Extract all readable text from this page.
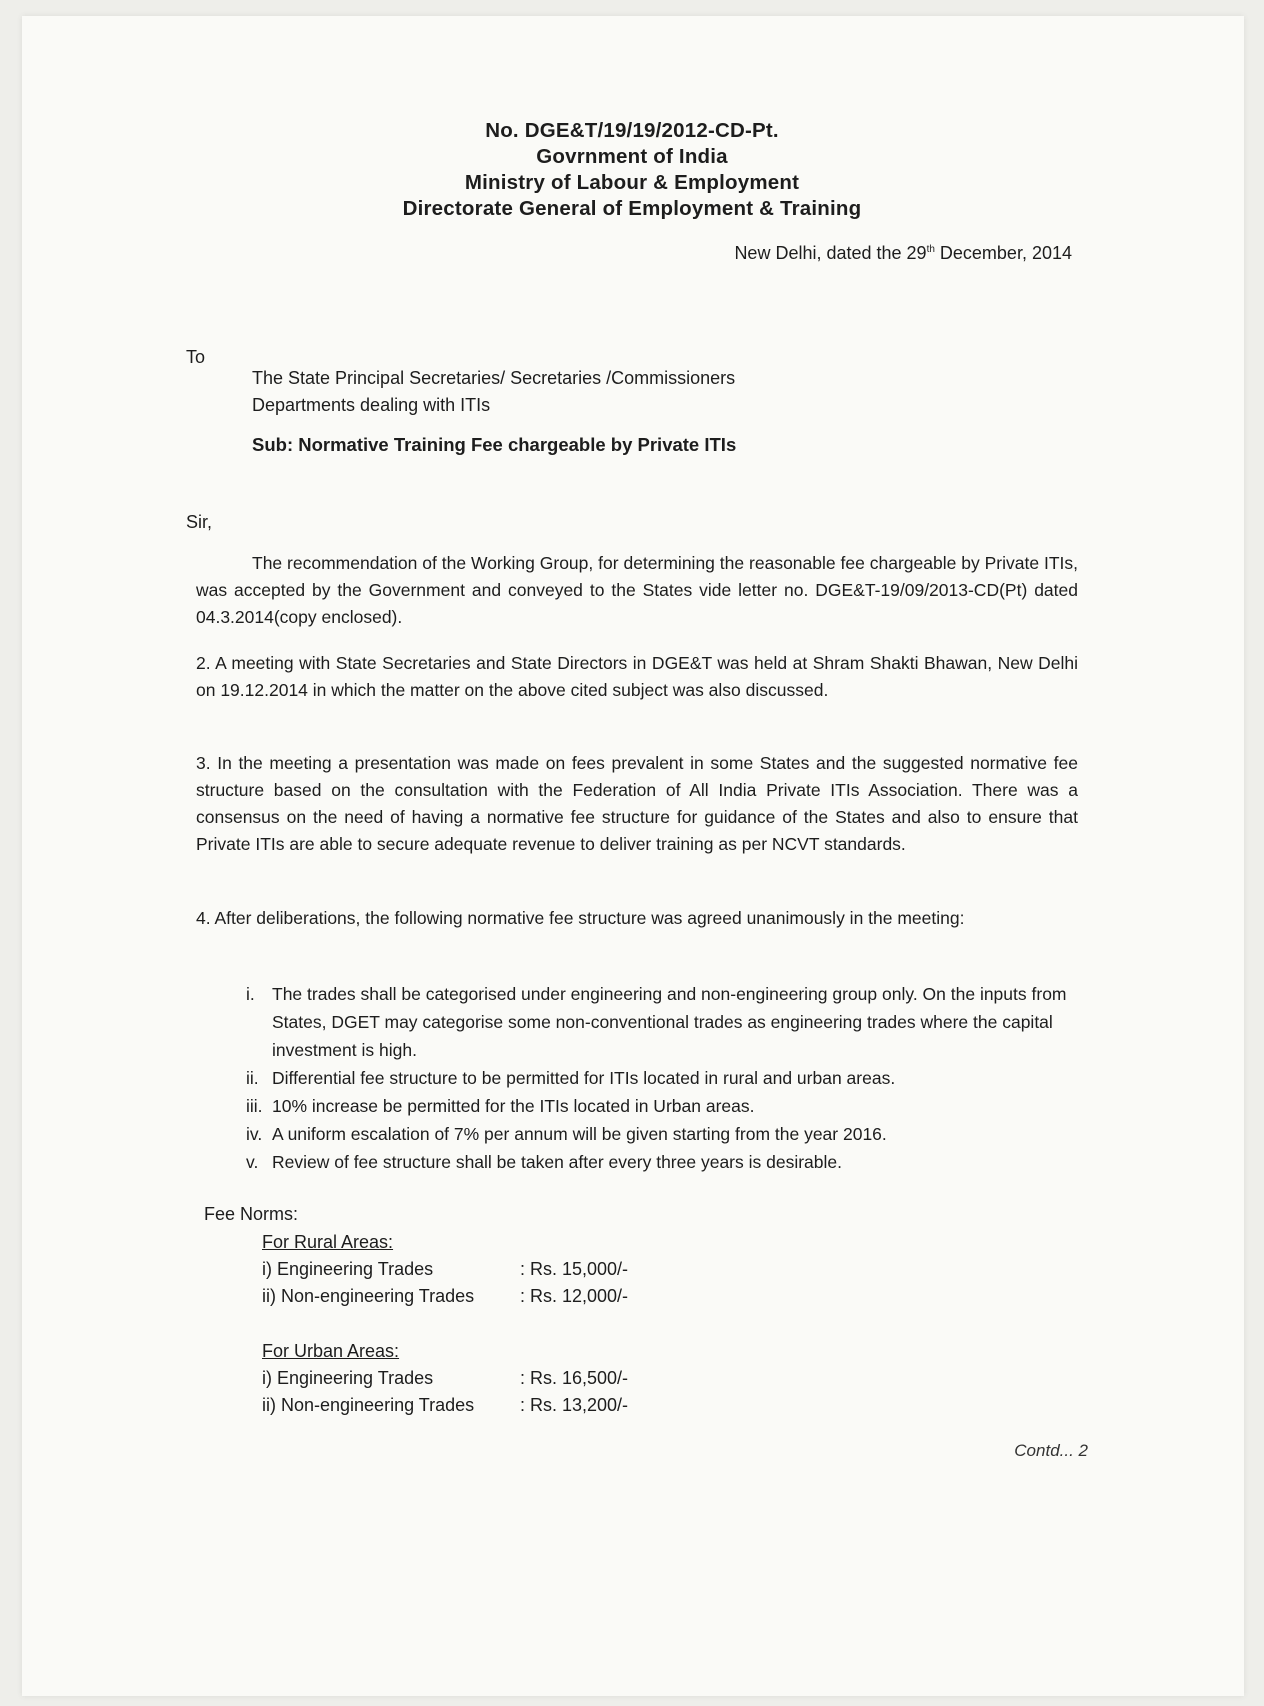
No. DGE&T/19/19/2012-CD-Pt.
Govrnment of India
Ministry of Labour & Employment
Directorate General of Employment & Training
New Delhi, dated the 29th December, 2014
To
The State Principal Secretaries/ Secretaries /Commissioners
Departments dealing with ITIs
Sub: Normative Training Fee chargeable by Private ITIs
Sir,
The recommendation of the Working Group, for determining the reasonable fee chargeable by Private ITIs, was accepted by the Government and conveyed to the States vide letter no. DGE&T-19/09/2013-CD(Pt) dated 04.3.2014(copy enclosed).
2. A meeting with State Secretaries and State Directors in DGE&T was held at Shram Shakti Bhawan, New Delhi on 19.12.2014 in which the matter on the above cited subject was also discussed.
3. In the meeting a presentation was made on fees prevalent in some States and the suggested normative fee structure based on the consultation with the Federation of All India Private ITIs Association. There was a consensus on the need of having a normative fee structure for guidance of the States and also to ensure that Private ITIs are able to secure adequate revenue to deliver training as per NCVT standards.
4. After deliberations, the following normative fee structure was agreed unanimously in the meeting:
i. The trades shall be categorised under engineering and non-engineering group only. On the inputs from States, DGET may categorise some non-conventional trades as engineering trades where the capital investment is high.
ii. Differential fee structure to be permitted for ITIs located in rural and urban areas.
iii. 10% increase be permitted for the ITIs located in Urban areas.
iv. A uniform escalation of 7% per annum will be given starting from the year 2016.
v. Review of fee structure shall be taken after every three years is desirable.
Fee Norms:
For Rural Areas:
i) Engineering Trades	: Rs. 15,000/-
ii) Non-engineering Trades	: Rs. 12,000/-
For Urban Areas:
i) Engineering Trades	: Rs. 16,500/-
ii) Non-engineering Trades	: Rs. 13,200/-
Contd... 2
